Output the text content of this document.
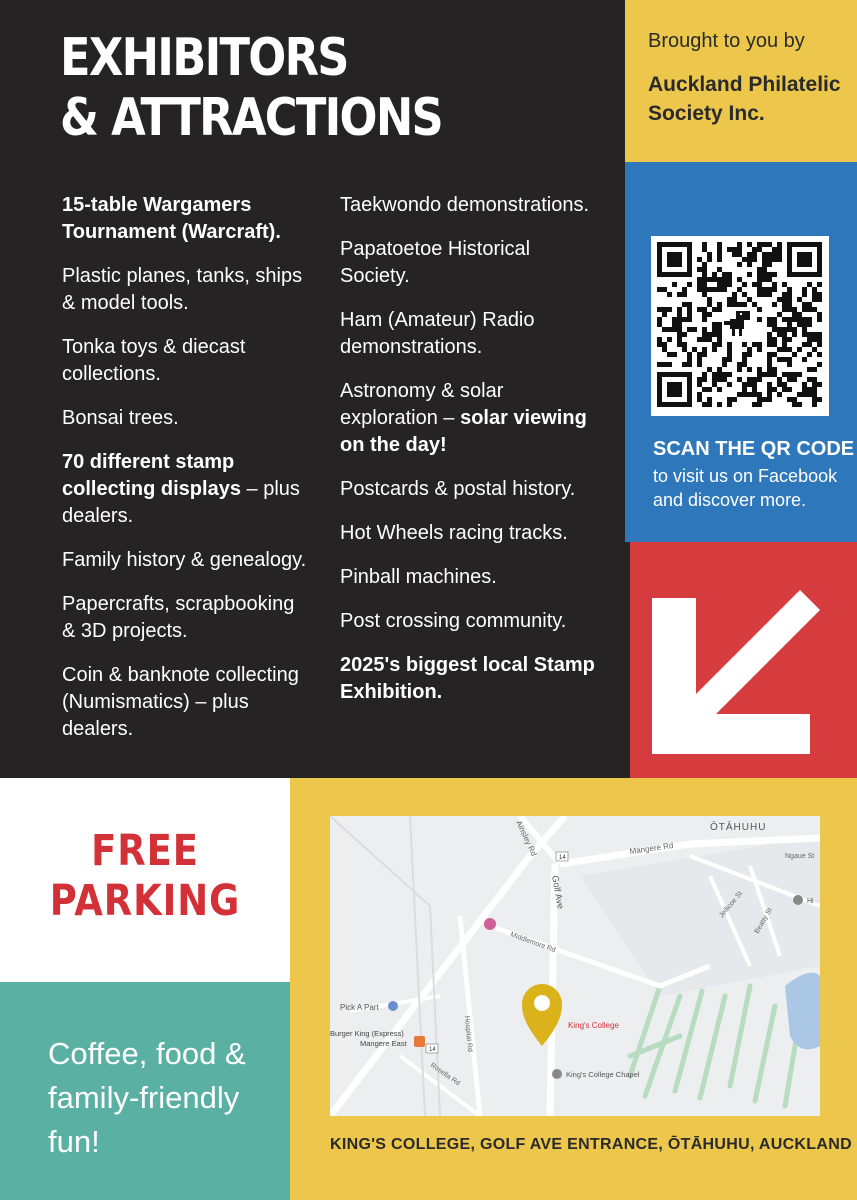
EXHIBITORS
& ATTRACTIONS
15-table Wargamers Tournament (Warcraft).
Plastic planes, tanks, ships & model tools.
Tonka toys & diecast collections.
Bonsai trees.
70 different stamp collecting displays – plus dealers.
Family history & genealogy.
Papercrafts, scrapbooking & 3D projects.
Coin & banknote collecting (Numismatics) – plus dealers.
Taekwondo demonstrations.
Papatoetoe Historical Society.
Ham (Amateur) Radio demonstrations.
Astronomy & solar exploration – solar viewing on the day!
Postcards & postal history.
Hot Wheels racing tracks.
Pinball machines.
Post crossing community.
2025's biggest local Stamp Exhibition.
Brought to you by
Auckland Philatelic Society Inc.
SCAN THE QR CODE
to visit us on Facebook and discover more.
FREE
PARKING
Coffee, food & family-friendly fun!
ŌTĀHUHU
Mangere Rd
Ngaue St
Jellicoe St
Beatty St
Ainsley Rd
Golf Ave
Middlemore Rd
Hospital Rd
Rosella Rd
14
14
Pick A Part
Burger King (Express)
Mangere East
Hi
King's College Chapel
King's College
KING'S COLLEGE, GOLF AVE ENTRANCE, ŌTĀHUHU, AUCKLAND
